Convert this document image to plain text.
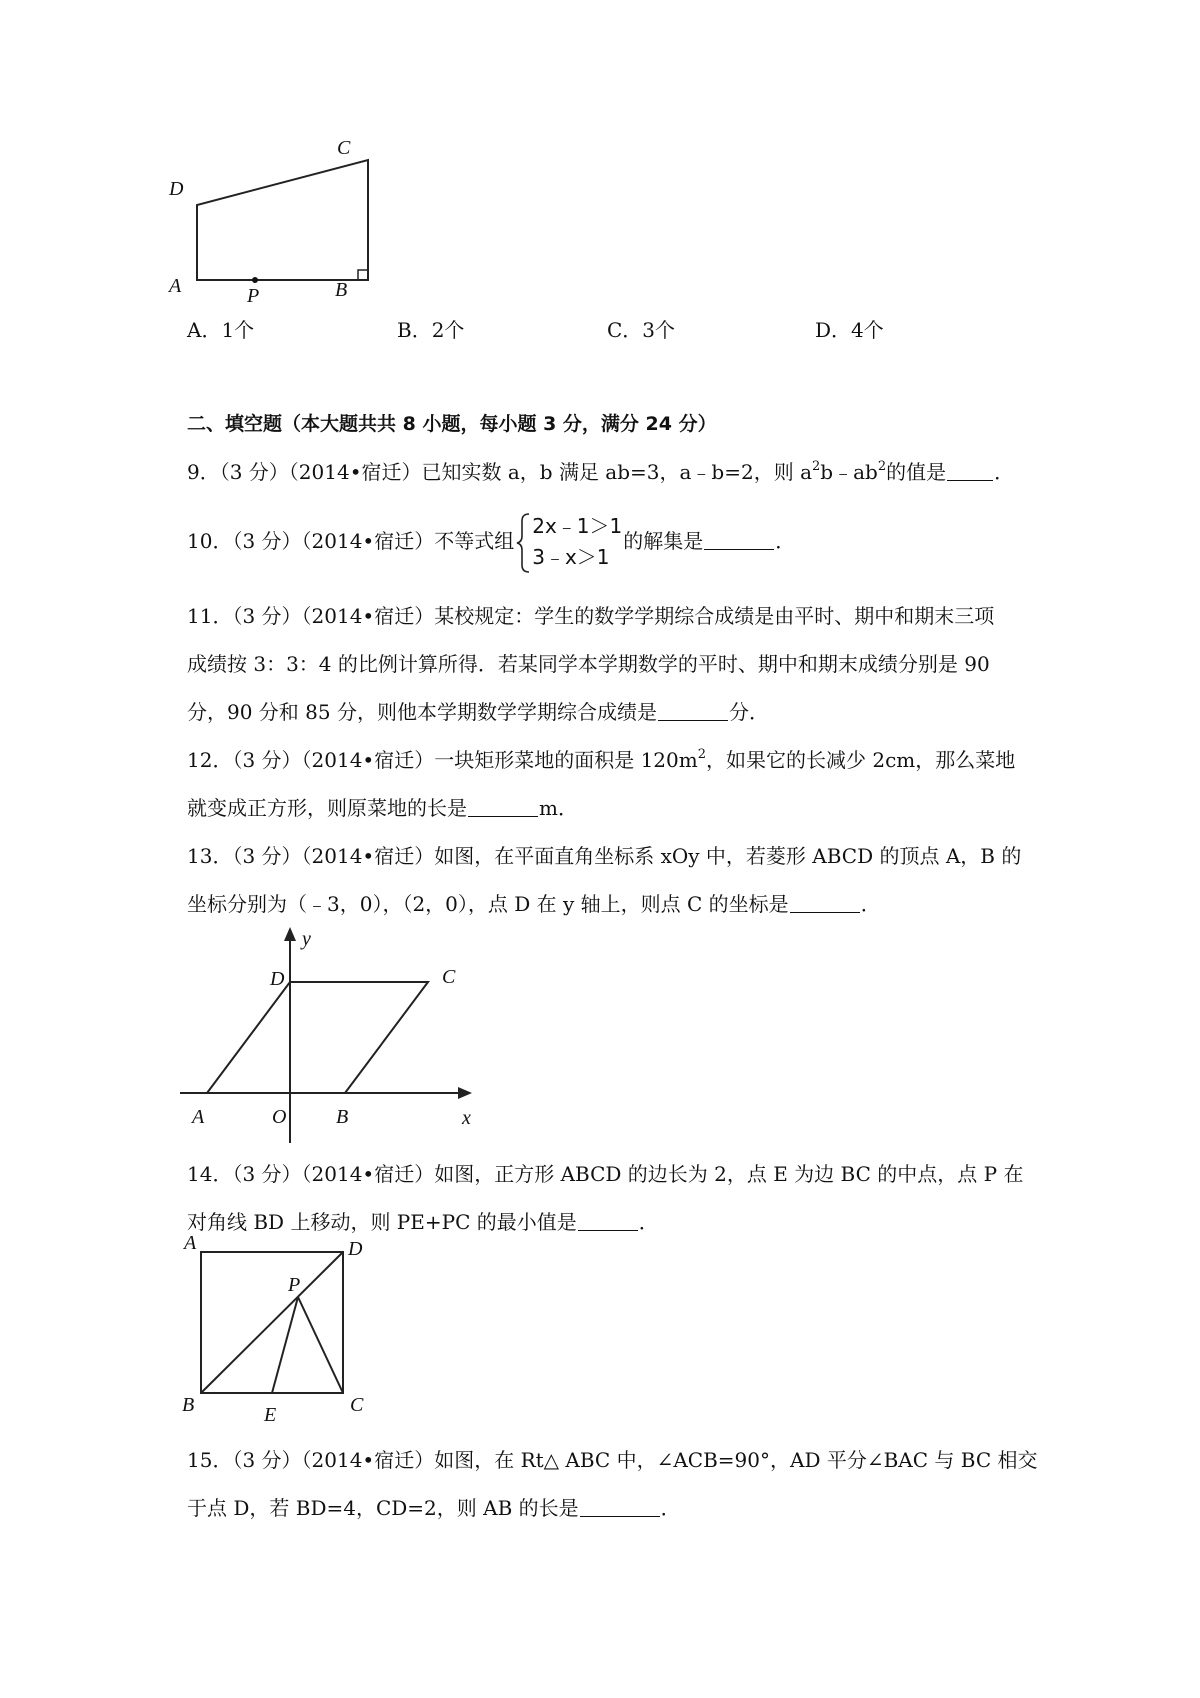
D
C
A	B
P
A．1个	B．2个	C．3个	D．4个
二、填空题（本大题共共 8 小题，每小题 3 分，满分 24 分）
9．（3 分）（2014•宿迁）已知实数 a，b 满足 ab=3，a﹣b=2，则 $a^2b﹣ab^2$的值是 ．
10．（3 分）（2014•宿迁）不等式组
2x﹣1＞1
3﹣x＞1
的解集是	．
11．（3 分）（2014•宿迁）某校规定：学生的数学学期综合成绩是由平时、期中和期末三项
成绩按 3：3：4 的比例计算所得．若某同学本学期数学的平时、期中和期末成绩分别是 90
分，90 分和 85 分，则他本学期数学学期综合成绩是	分．
12．（3 分）（2014•宿迁）一块矩形菜地的面积是 $120m^2$，如果它的长减少 2cm，那么菜地
就变成正方形，则原菜地的长是	m．
13．（3 分）（2014•宿迁）如图，在平面直角坐标系 xOy 中，若菱形 ABCD 的顶点 A，B 的
坐标分别为（﹣3，0），（2，0），点 D 在 y 轴上，则点 C 的坐标是	．
y
x
O
A	B
C
D
14．（3 分）（2014•宿迁）如图，正方形 ABCD 的边长为 2，点 E 为边 BC 的中点，点 P 在
对角线 BD 上移动，则 PE+PC 的最小值是	．
A	D
B	C
E
P
15．（3 分）（2014•宿迁）如图，在 Rt△ ABC 中，∠ACB=90°，AD 平分∠BAC 与 BC 相交
于点 D，若 BD=4，CD=2，则 AB 的长是	．
